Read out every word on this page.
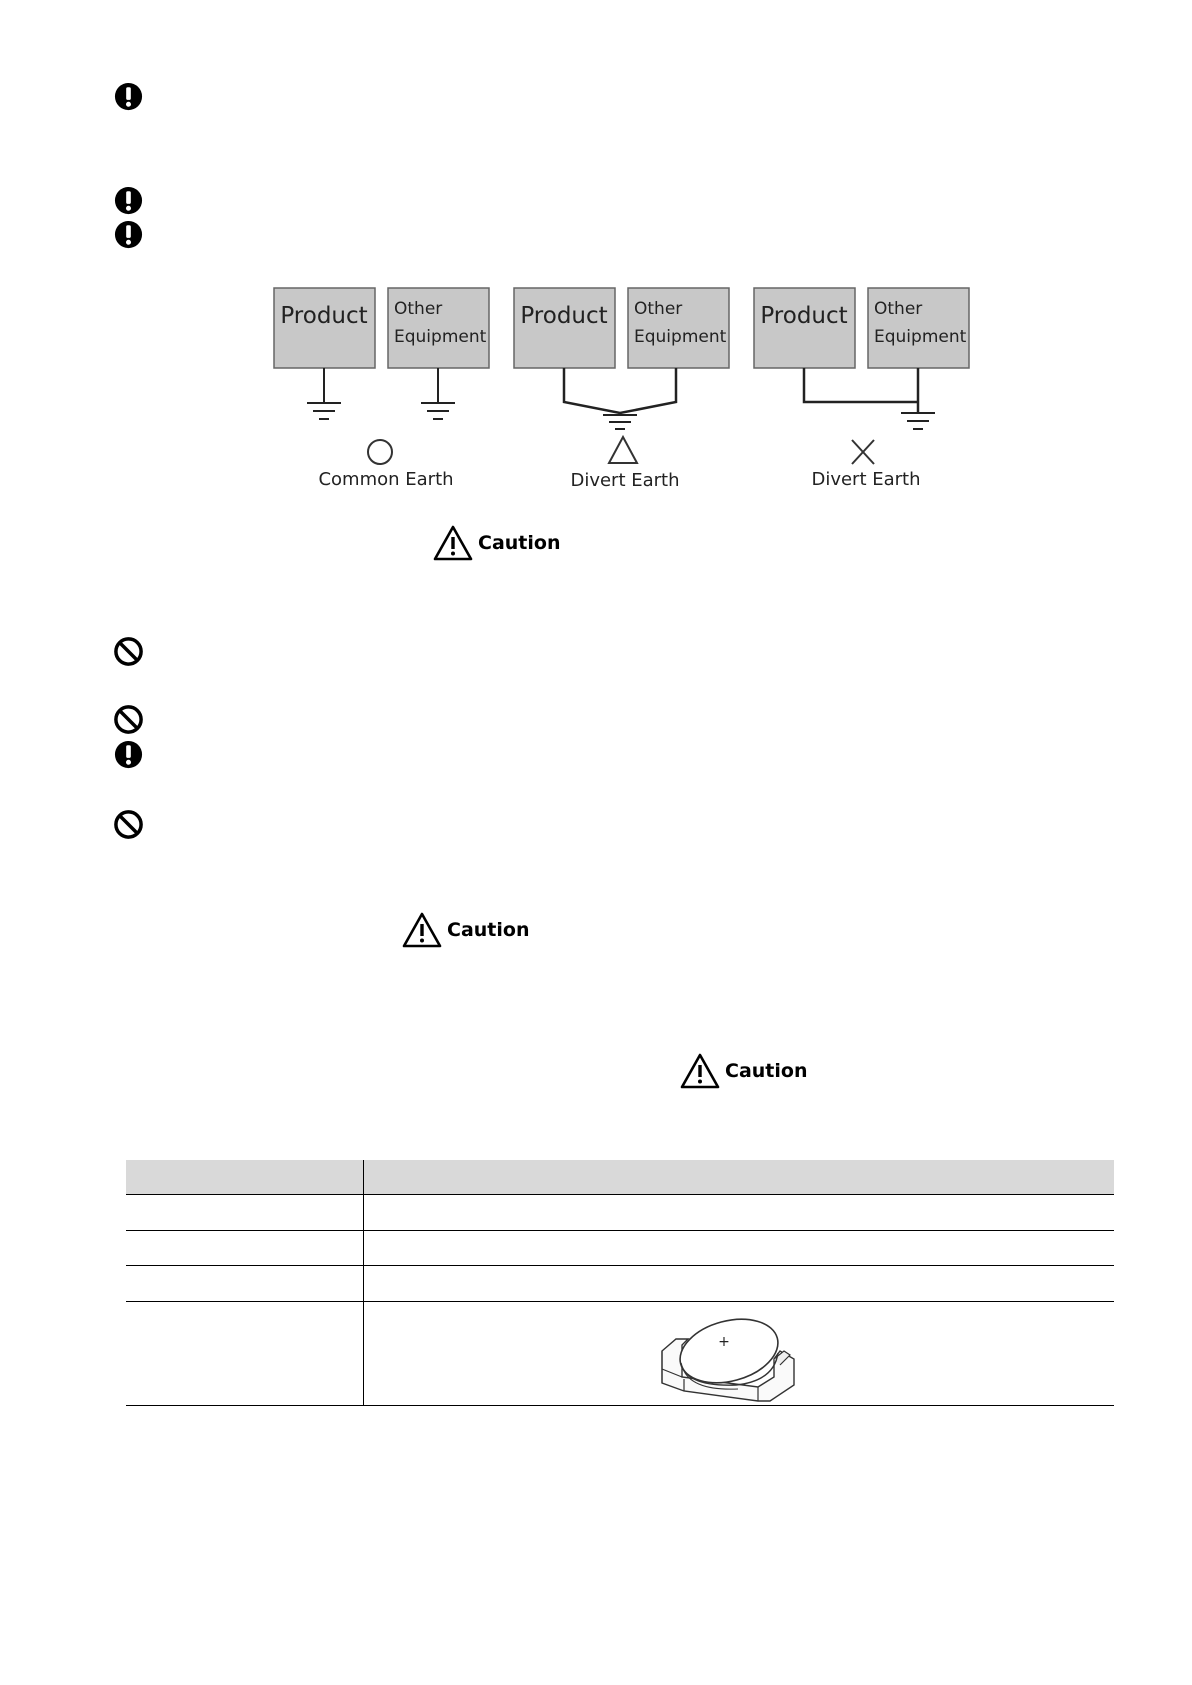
Product Other
Equipment
Common Earth
Product Other
Equipment
Divert Earth
Product Other
Equipment
Divert Earth
Caution
Caution
Caution
+
